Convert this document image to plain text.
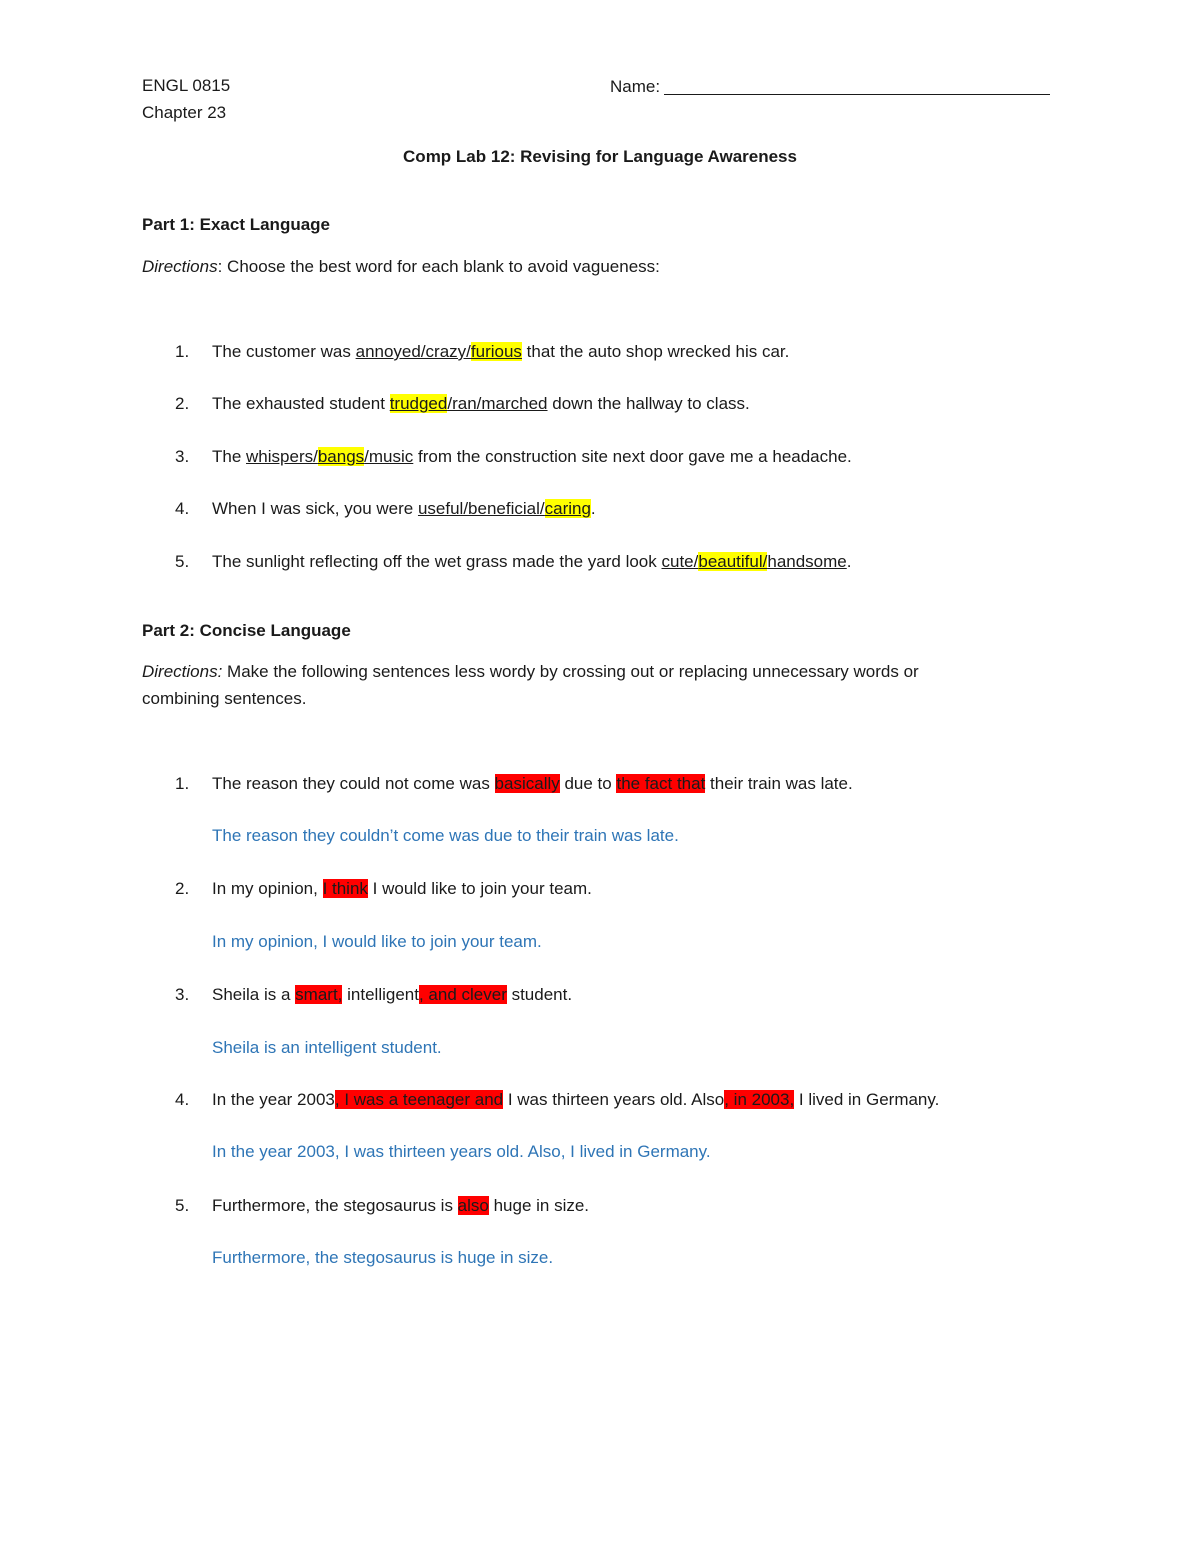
ENGL 0815
Chapter 23
Name:
Comp Lab 12: Revising for Language Awareness
Part 1: Exact Language
Directions: Choose the best word for each blank to avoid vagueness:
1. The customer was annoyed/crazy/furious that the auto shop wrecked his car.
2. The exhausted student trudged/ran/marched down the hallway to class.
3. The whispers/bangs/music from the construction site next door gave me a headache.
4. When I was sick, you were useful/beneficial/caring.
5. The sunlight reflecting off the wet grass made the yard look cute/beautiful/handsome.
Part 2: Concise Language
Directions: Make the following sentences less wordy by crossing out or replacing unnecessary words or
combining sentences.
1. The reason they could not come was basically due to the fact that their train was late.
The reason they couldn’t come was due to their train was late.
2. In my opinion, I think I would like to join your team.
In my opinion, I would like to join your team.
3. Sheila is a smart, intelligent, and clever student.
Sheila is an intelligent student.
4. In the year 2003, I was a teenager and I was thirteen years old. Also, in 2003, I lived in Germany.
In the year 2003, I was thirteen years old. Also, I lived in Germany.
5. Furthermore, the stegosaurus is also huge in size.
Furthermore, the stegosaurus is huge in size.
